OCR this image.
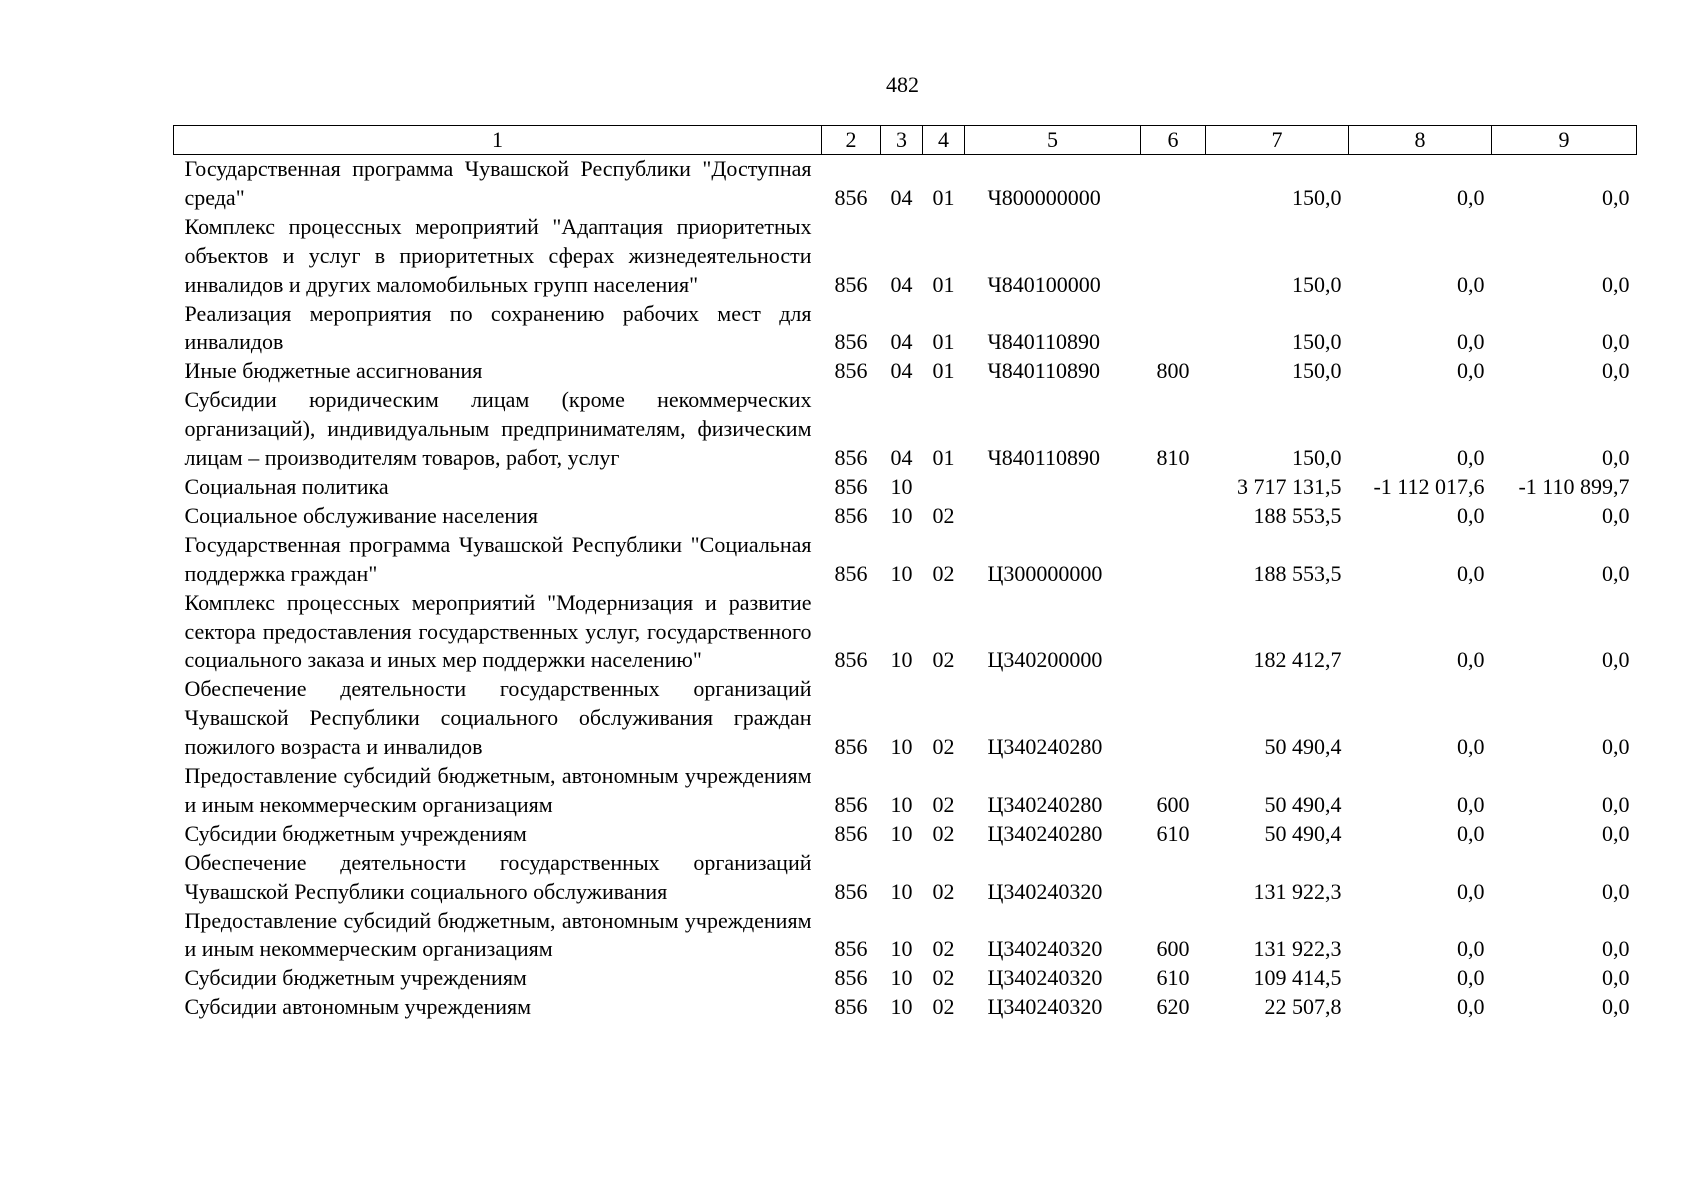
482
1	2	3	4	5	6	7	8	9
Государственная программа Чувашской Республики "Доступная среда"	856	04	01	Ч800000000		150,0	0,0	0,0
Комплекс процессных мероприятий "Адаптация приоритетных объектов и услуг в приоритетных сферах жизнедеятельности инвалидов и других маломобильных групп населения"	856	04	01	Ч840100000		150,0	0,0	0,0
Реализация мероприятия по сохранению рабочих мест для инвалидов	856	04	01	Ч840110890		150,0	0,0	0,0
Иные бюджетные ассигнования	856	04	01	Ч840110890	800	150,0	0,0	0,0
Субсидии юридическим лицам (кроме некоммерческих организаций), индивидуальным предпринимателям, физическим лицам – производителям товаров, работ, услуг	856	04	01	Ч840110890	810	150,0	0,0	0,0
Социальная политика	856	10				3 717 131,5	-1 112 017,6	-1 110 899,7
Социальное обслуживание населения	856	10	02			188 553,5	0,0	0,0
Государственная программа Чувашской Республики "Социальная поддержка граждан"	856	10	02	Ц300000000		188 553,5	0,0	0,0
Комплекс процессных мероприятий "Модернизация и развитие сектора предоставления государственных услуг, государственного социального заказа и иных мер поддержки населению"	856	10	02	Ц340200000		182 412,7	0,0	0,0
Обеспечение деятельности государственных организаций Чувашской Республики социального обслуживания граждан пожилого возраста и инвалидов	856	10	02	Ц340240280		50 490,4	0,0	0,0
Предоставление субсидий бюджетным, автономным учреждениям и иным некоммерческим организациям	856	10	02	Ц340240280	600	50 490,4	0,0	0,0
Субсидии бюджетным учреждениям	856	10	02	Ц340240280	610	50 490,4	0,0	0,0
Обеспечение деятельности государственных организаций Чувашской Республики социального обслуживания	856	10	02	Ц340240320		131 922,3	0,0	0,0
Предоставление субсидий бюджетным, автономным учреждениям и иным некоммерческим организациям	856	10	02	Ц340240320	600	131 922,3	0,0	0,0
Субсидии бюджетным учреждениям	856	10	02	Ц340240320	610	109 414,5	0,0	0,0
Субсидии автономным учреждениям	856	10	02	Ц340240320	620	22 507,8	0,0	0,0
